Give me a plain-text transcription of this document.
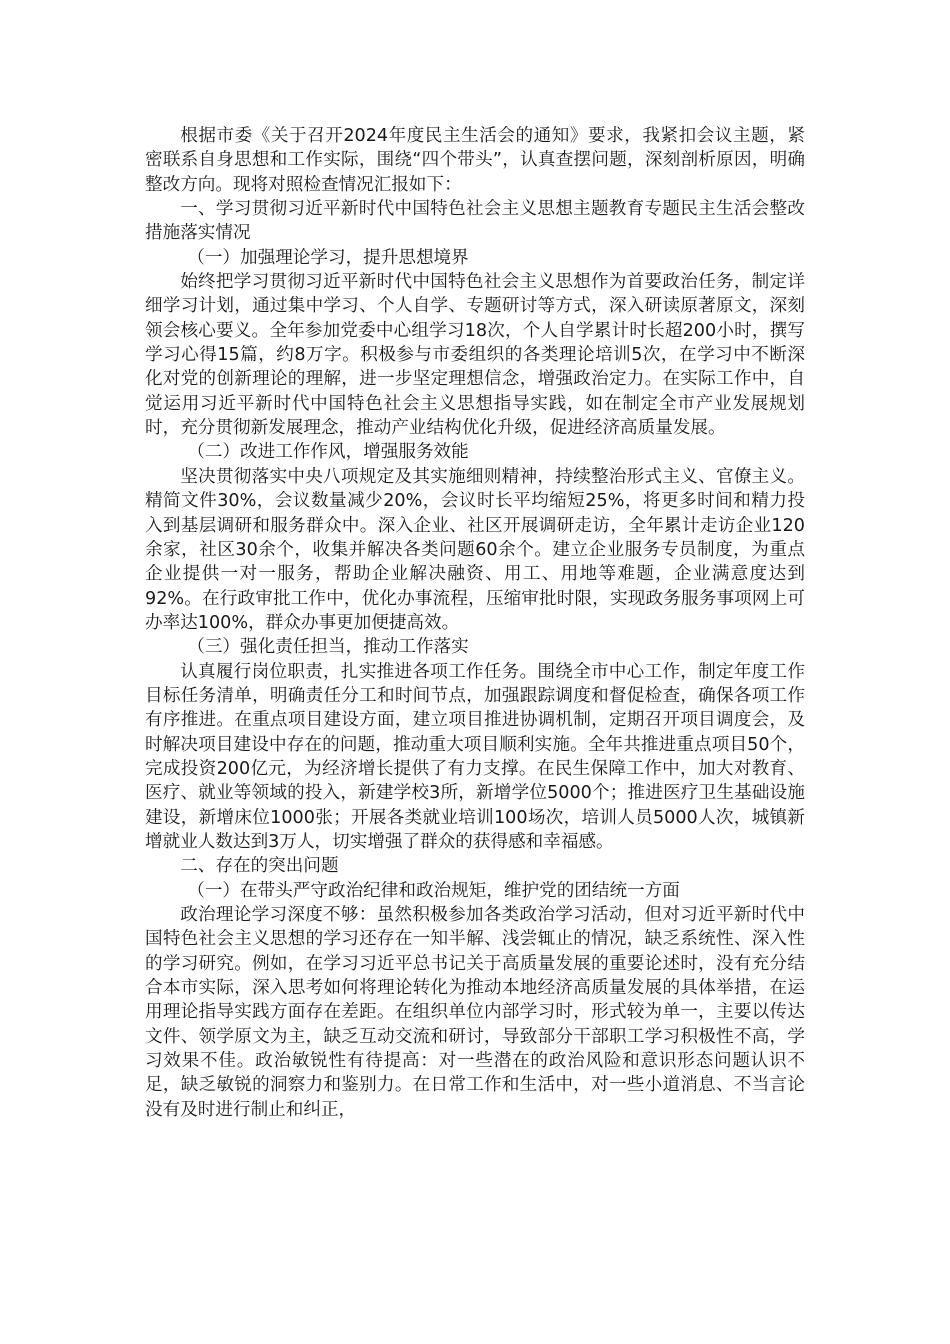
根据市委《关于召开2024年度民主生活会的通知》要求，我紧扣会议主题，紧密联系自身思想和工作实际，围绕“四个带头”，认真查摆问题，深刻剖析原因，明确整改方向。现将对照检查情况汇报如下：

一、学习贯彻习近平新时代中国特色社会主义思想主题教育专题民主生活会整改措施落实情况

（一）加强理论学习，提升思想境界

始终把学习贯彻习近平新时代中国特色社会主义思想作为首要政治任务，制定详细学习计划，通过集中学习、个人自学、专题研讨等方式，深入研读原著原文，深刻领会核心要义。全年参加党委中心组学习18次，个人自学累计时长超200小时，撰写学习心得15篇，约8万字。积极参与市委组织的各类理论培训5次，在学习中不断深化对党的创新理论的理解，进一步坚定理想信念，增强政治定力。在实际工作中，自觉运用习近平新时代中国特色社会主义思想指导实践，如在制定全市产业发展规划时，充分贯彻新发展理念，推动产业结构优化升级，促进经济高质量发展。

（二）改进工作作风，增强服务效能

坚决贯彻落实中央八项规定及其实施细则精神，持续整治形式主义、官僚主义。精简文件30%，会议数量减少20%，会议时长平均缩短25%，将更多时间和精力投入到基层调研和服务群众中。深入企业、社区开展调研走访，全年累计走访企业120余家，社区30余个，收集并解决各类问题60余个。建立企业服务专员制度，为重点企业提供一对一服务，帮助企业解决融资、用工、用地等难题，企业满意度达到92%。在行政审批工作中，优化办事流程，压缩审批时限，实现政务服务事项网上可办率达100%，群众办事更加便捷高效。

（三）强化责任担当，推动工作落实

认真履行岗位职责，扎实推进各项工作任务。围绕全市中心工作，制定年度工作目标任务清单，明确责任分工和时间节点，加强跟踪调度和督促检查，确保各项工作有序推进。在重点项目建设方面，建立项目推进协调机制，定期召开项目调度会，及时解决项目建设中存在的问题，推动重大项目顺利实施。全年共推进重点项目50个，完成投资200亿元，为经济增长提供了有力支撑。在民生保障工作中，加大对教育、医疗、就业等领域的投入，新建学校3所，新增学位5000个；推进医疗卫生基础设施建设，新增床位1000张；开展各类就业培训100场次，培训人员5000人次，城镇新增就业人数达到3万人，切实增强了群众的获得感和幸福感。

二、存在的突出问题

（一）在带头严守政治纪律和政治规矩，维护党的团结统一方面

政治理论学习深度不够：虽然积极参加各类政治学习活动，但对习近平新时代中国特色社会主义思想的学习还存在一知半解、浅尝辄止的情况，缺乏系统性、深入性的学习研究。例如，在学习习近平总书记关于高质量发展的重要论述时，没有充分结合本市实际，深入思考如何将理论转化为推动本地经济高质量发展的具体举措，在运用理论指导实践方面存在差距。在组织单位内部学习时，形式较为单一，主要以传达文件、领学原文为主，缺乏互动交流和研讨，导致部分干部职工学习积极性不高，学习效果不佳。政治敏锐性有待提高：对一些潜在的政治风险和意识形态问题认识不足，缺乏敏锐的洞察力和鉴别力。在日常工作和生活中，对一些小道消息、不当言论没有及时进行制止和纠正，
